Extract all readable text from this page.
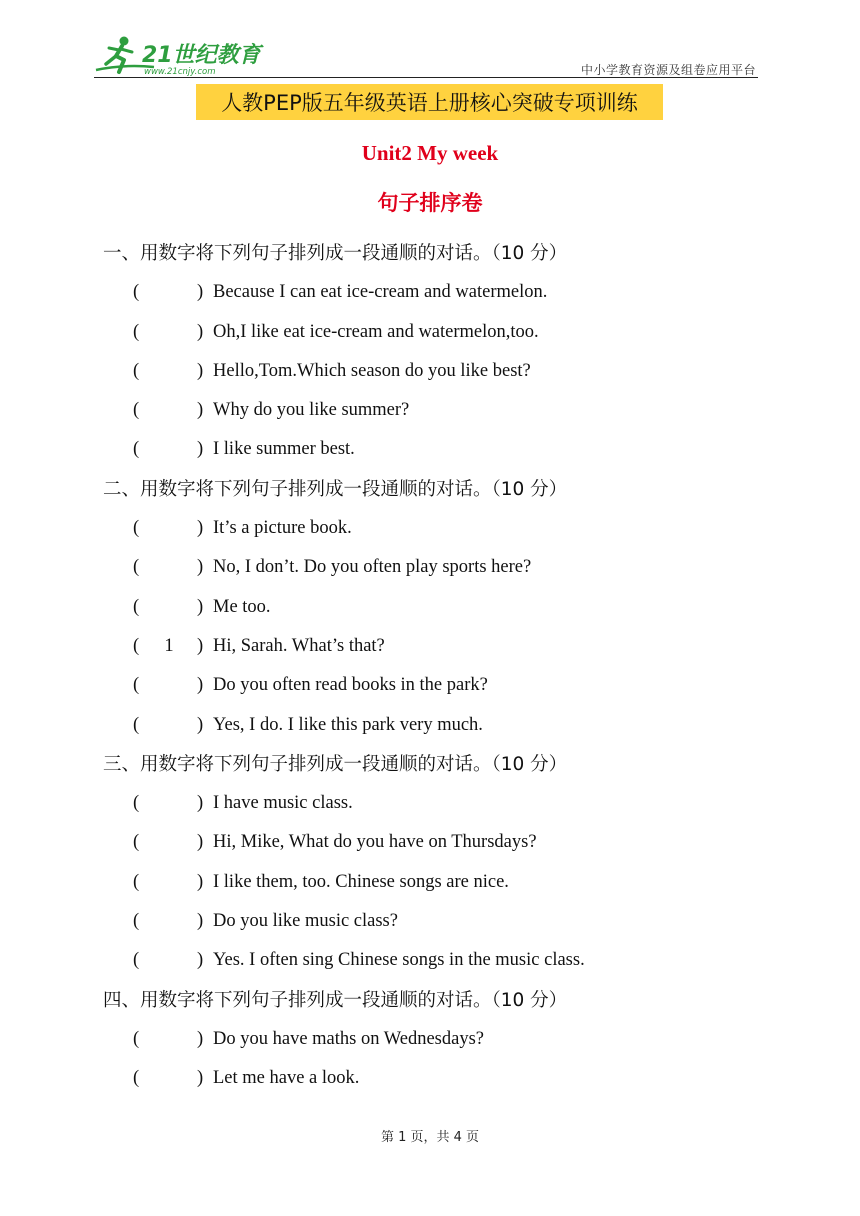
21世纪教育
www.21cnjy.com	中小学教育资源及组卷应用平台
人教PEP版五年级英语上册核心突破专项训练
Unit2 My week
句子排序卷
一、用数字将下列句子排列成一段通顺的对话。（10 分）
(	) Because I can eat ice-cream and watermelon.
(	) Oh,I like eat ice-cream and watermelon,too.
(	) Hello,Tom.Which season do you like best?
(	) Why do you like summer?
(	) I like summer best.
二、用数字将下列句子排列成一段通顺的对话。（10 分）
(	) It’s a picture book.
(	) No, I don’t. Do you often play sports here?
(	) Me too.
(	1	) Hi, Sarah. What’s that?
(	) Do you often read books in the park?
(	) Yes, I do. I like this park very much.
三、用数字将下列句子排列成一段通顺的对话。（10 分）
(	) I have music class.
(	) Hi, Mike, What do you have on Thursdays?
(	) I like them, too. Chinese songs are nice.
(	) Do you like music class?
(	) Yes. I often sing Chinese songs in the music class.
四、用数字将下列句子排列成一段通顺的对话。（10 分）
(	) Do you have maths on Wednesdays?
(	) Let me have a look.
第 1 页，共 4 页
